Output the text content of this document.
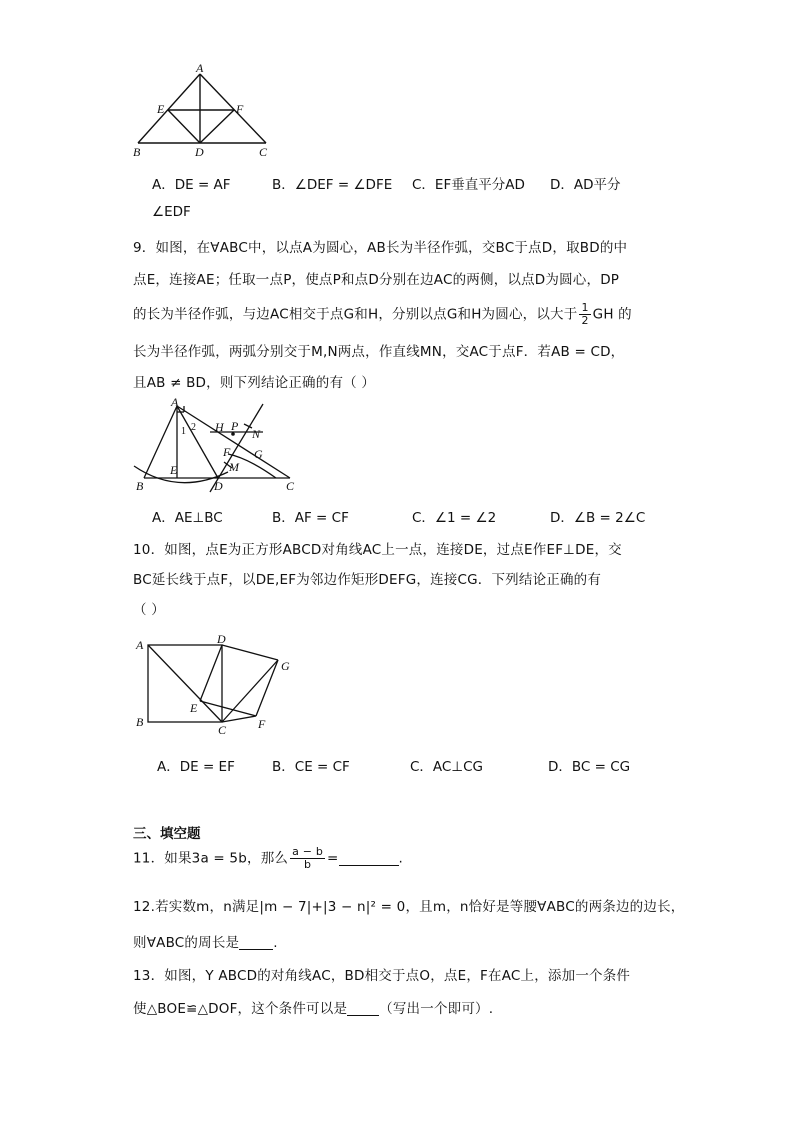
A
E	F
B	D	C
A．DE = AF	B．∠DEF = ∠DFE C．EF垂直平分AD D．AD平分
∠EDF
9．如图，在∀ABC中，以点A为圆心，AB长为半径作弧，交BC于点D，取BD的中
点E，连接AE；任取一点P，使点P和点D分别在边AC的两侧，以点D为圆心，DP
的长为半径作弧，与边AC相交于点G和H，分别以点G和H为圆心，以大于 $\frac{1}{2}$ GH 的
长为半径作弧，两弧分别交于M,N两点，作直线MN，交AC于点F．若AB = CD，
且AB ≠ BD，则下列结论正确的有（ ）
A
1 2 H P
N
G
F
M
E
B	D	C
A．AE⊥BC	B．AF = CF	C．∠1 = ∠2	D．∠B = 2∠C
10．如图，点E为正方形ABCD对角线AC上一点，连接DE，过点E作EF⊥DE，交
BC延长线于点F，以DE,EF为邻边作矩形DEFG，连接CG．下列结论正确的有
（ ）
A	D
G
E
B
C	F
A．DE = EF	B．CE = CF	C．AC⊥CG	D．BC = CG
三、填空题
11．如果3a = 5b，那么 $\frac{a - b}{b}$ =	.
12.若实数m，n满足|m − 7|+|3 − n|² = 0，且m，n恰好是等腰∀ABC的两条边的边长，
则∀ABC的周长是	.
13．如图，Y ABCD的对角线AC，BD相交于点O，点E，F在AC上，添加一个条件
使△BOE≌△DOF，这个条件可以是 （写出一个即可）.
